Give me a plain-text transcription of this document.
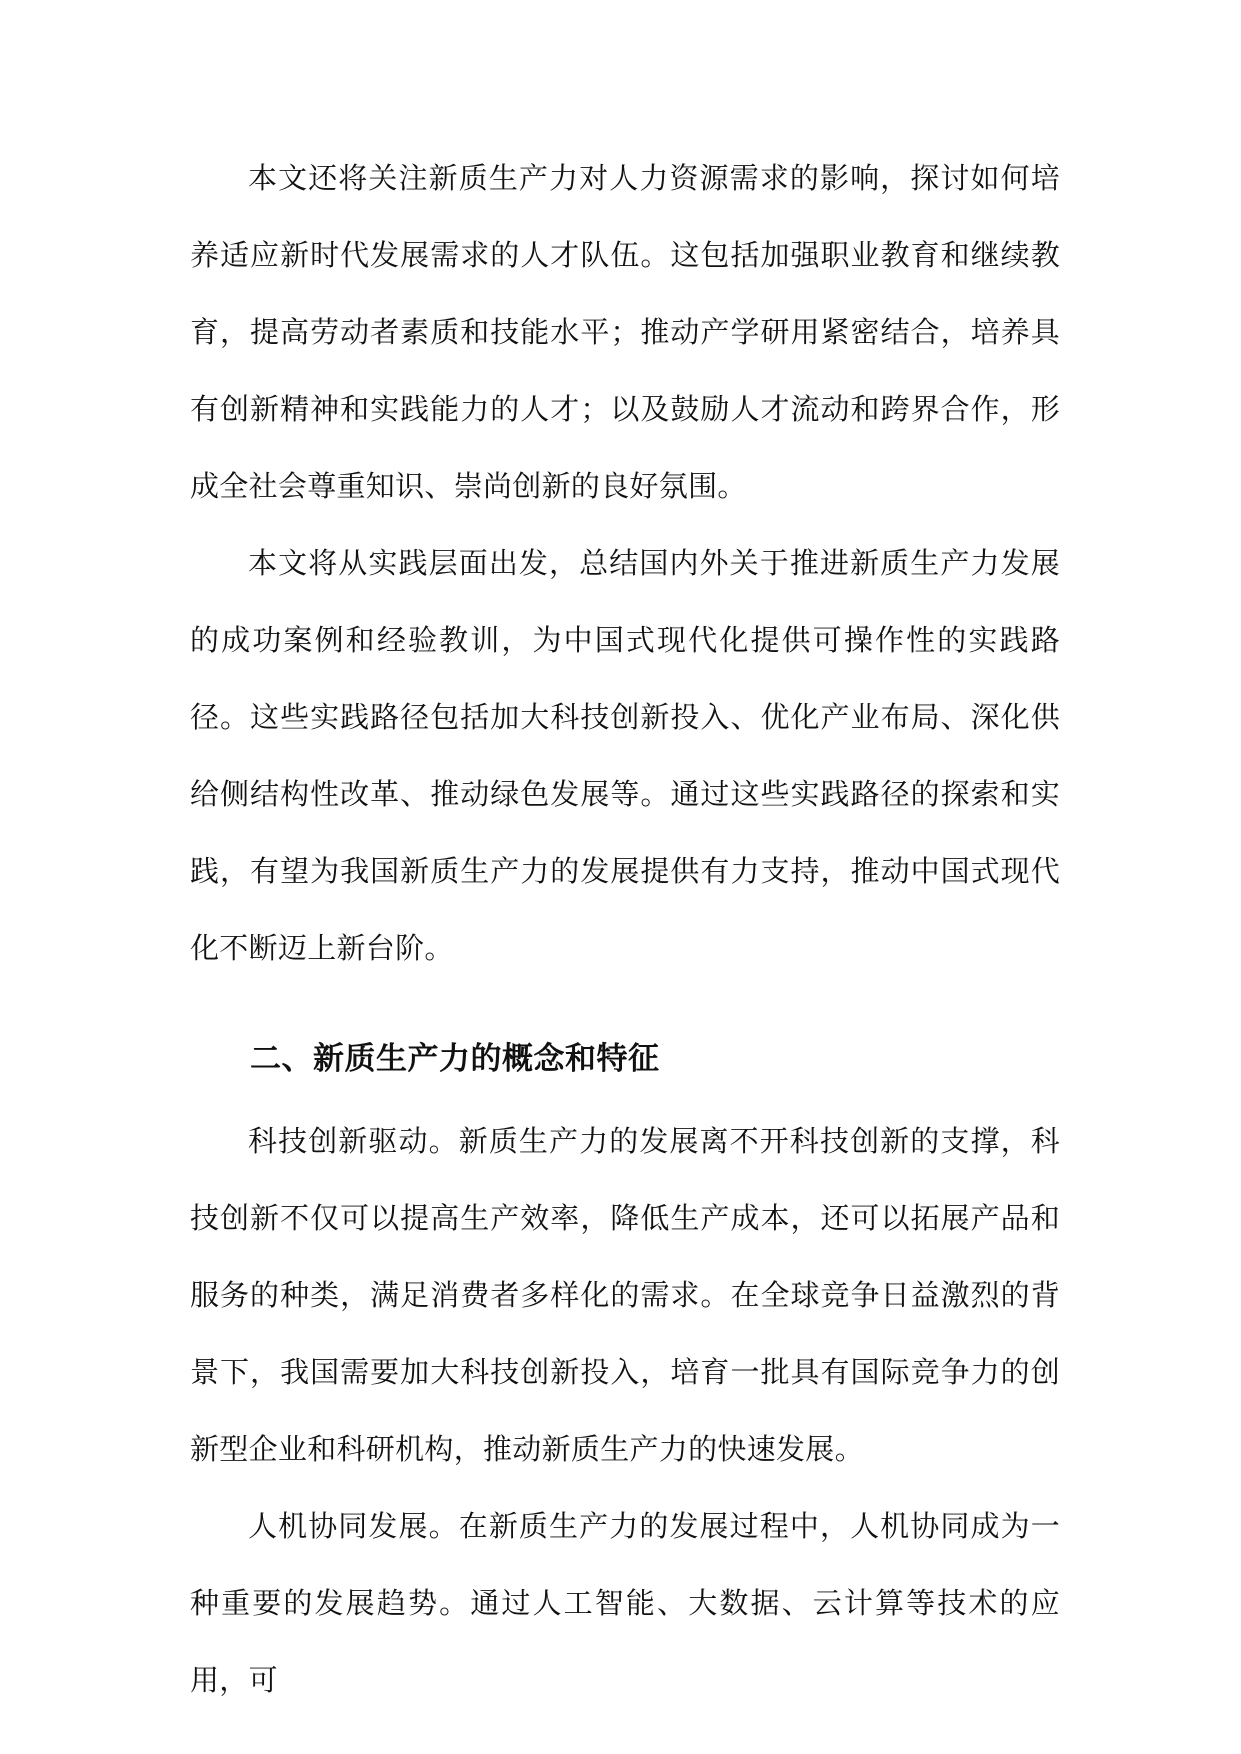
本文还将关注新质生产力对人力资源需求的影响，探讨如何培养适应新时代发展需求的人才队伍。这包括加强职业教育和继续教育，提高劳动者素质和技能水平；推动产学研用紧密结合，培养具有创新精神和实践能力的人才；以及鼓励人才流动和跨界合作，形成全社会尊重知识、崇尚创新的良好氛围。

本文将从实践层面出发，总结国内外关于推进新质生产力发展的成功案例和经验教训，为中国式现代化提供可操作性的实践路径。这些实践路径包括加大科技创新投入、优化产业布局、深化供给侧结构性改革、推动绿色发展等。通过这些实践路径的探索和实践，有望为我国新质生产力的发展提供有力支持，推动中国式现代化不断迈上新台阶。

二、新质生产力的概念和特征

科技创新驱动。新质生产力的发展离不开科技创新的支撑，科技创新不仅可以提高生产效率，降低生产成本，还可以拓展产品和服务的种类，满足消费者多样化的需求。在全球竞争日益激烈的背景下，我国需要加大科技创新投入，培育一批具有国际竞争力的创新型企业和科研机构，推动新质生产力的快速发展。

人机协同发展。在新质生产力的发展过程中，人机协同成为一种重要的发展趋势。通过人工智能、大数据、云计算等技术的应用，可
